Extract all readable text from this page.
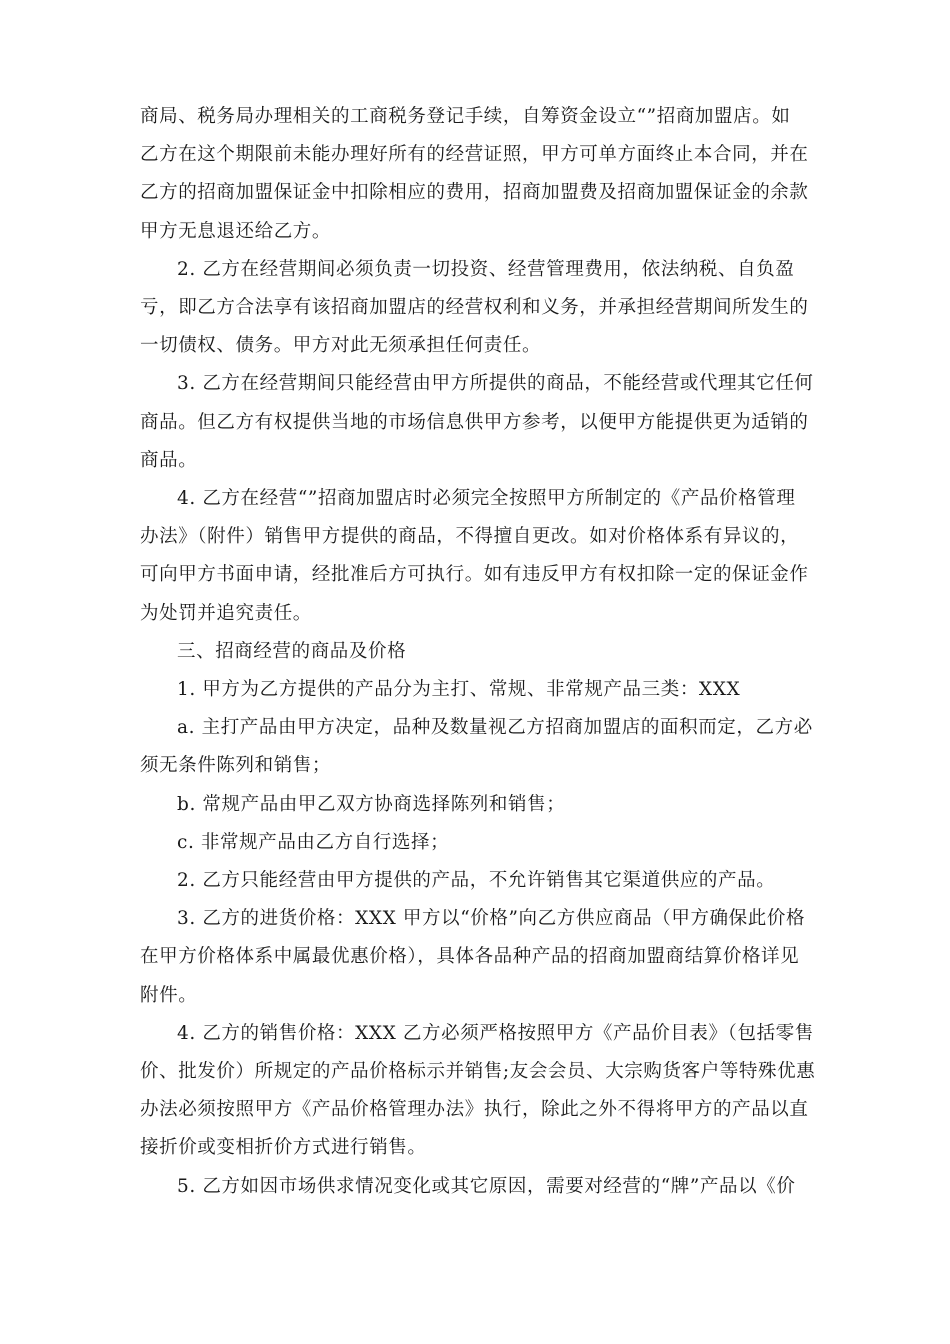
商局、税务局办理相关的工商税务登记手续，自筹资金设立“”招商加盟店。如
乙方在这个期限前未能办理好所有的经营证照，甲方可单方面终止本合同，并在
乙方的招商加盟保证金中扣除相应的费用，招商加盟费及招商加盟保证金的余款
甲方无息退还给乙方。

2. 乙方在经营期间必须负责一切投资、经营管理费用，依法纳税、自负盈
亏，即乙方合法享有该招商加盟店的经营权利和义务，并承担经营期间所发生的
一切债权、债务。甲方对此无须承担任何责任。

3. 乙方在经营期间只能经营由甲方所提供的商品，不能经营或代理其它任何
商品。但乙方有权提供当地的市场信息供甲方参考，以便甲方能提供更为适销的
商品。

4. 乙方在经营“”招商加盟店时必须完全按照甲方所制定的《产品价格管理
办法》（附件）销售甲方提供的商品，不得擅自更改。如对价格体系有异议的，
可向甲方书面申请，经批准后方可执行。如有违反甲方有权扣除一定的保证金作
为处罚并追究责任。

三、招商经营的商品及价格

1. 甲方为乙方提供的产品分为主打、常规、非常规产品三类：XXX

a. 主打产品由甲方决定，品种及数量视乙方招商加盟店的面积而定，乙方必
须无条件陈列和销售；

b. 常规产品由甲乙双方协商选择陈列和销售；

c. 非常规产品由乙方自行选择；

2. 乙方只能经营由甲方提供的产品，不允许销售其它渠道供应的产品。

3. 乙方的进货价格：XXX 甲方以“价格”向乙方供应商品（甲方确保此价格
在甲方价格体系中属最优惠价格），具体各品种产品的招商加盟商结算价格详见
附件。

4. 乙方的销售价格：XXX 乙方必须严格按照甲方《产品价目表》（包括零售
价、批发价）所规定的产品价格标示并销售;友会会员、大宗购货客户等特殊优惠
办法必须按照甲方《产品价格管理办法》执行，除此之外不得将甲方的产品以直
接折价或变相折价方式进行销售。

5. 乙方如因市场供求情况变化或其它原因，需要对经营的“牌”产品以《价
